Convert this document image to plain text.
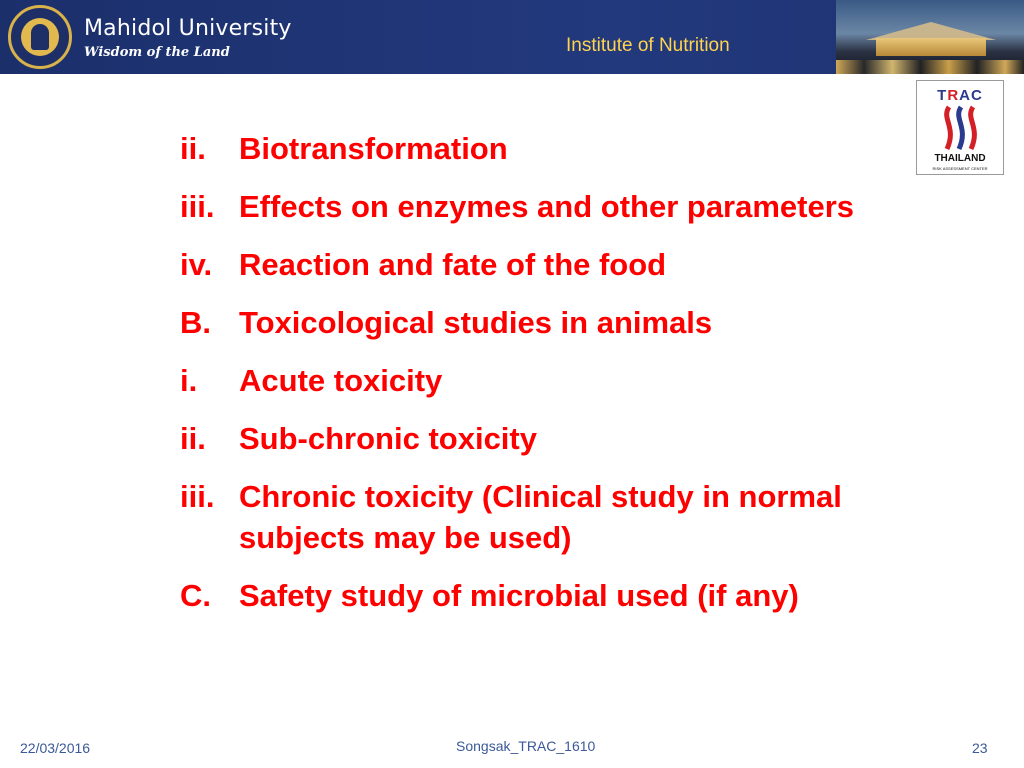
Mahidol University
Wisdom of the Land	Institute of Nutrition
TRAC
THAILAND
RISK ASSESSMENT CENTER
ii.	Biotransformation
iii. Effects on enzymes and other parameters
iv. Reaction and fate of the food
B. Toxicological studies in animals
i.	Acute toxicity
ii.	Sub-chronic toxicity
iii. Chronic toxicity (Clinical study in normal subjects may be used)
C. Safety study of microbial used (if any)
22/03/2016	Songsak_TRAC_1610	23
